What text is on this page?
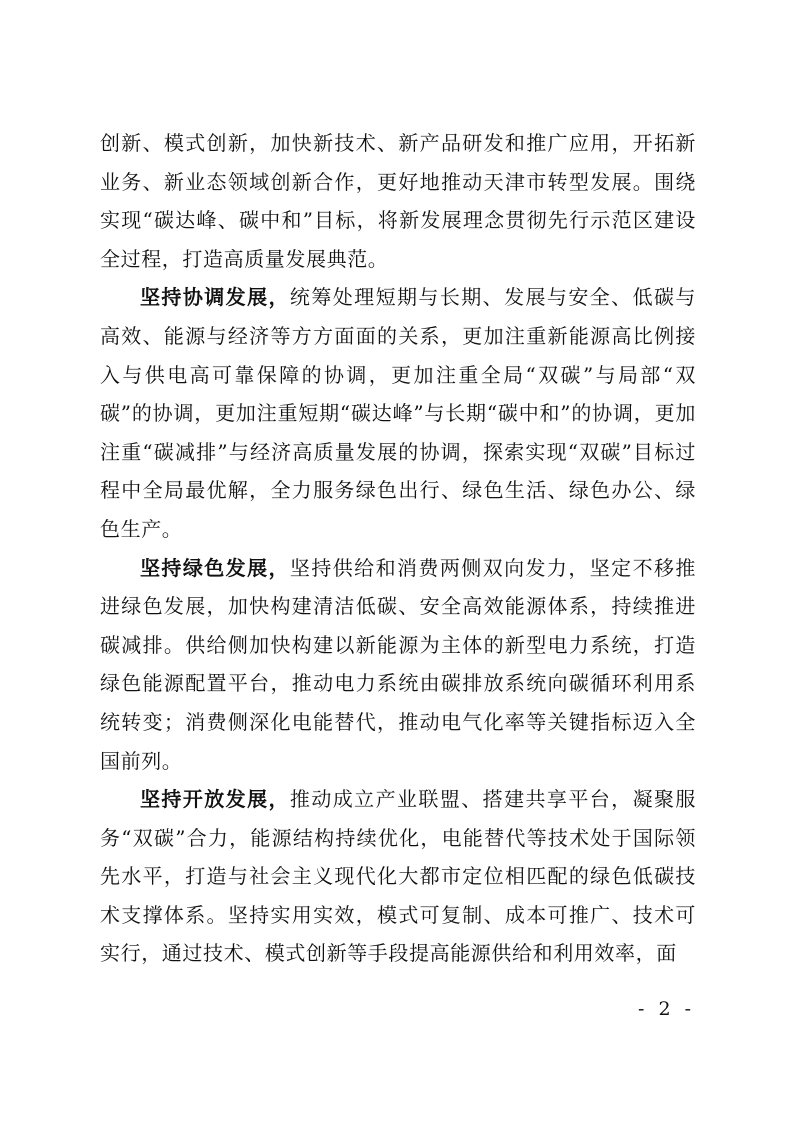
创新、模式创新，加快新技术、新产品研发和推广应用，开拓新业务、新业态领域创新合作，更好地推动天津市转型发展。围绕实现“碳达峰、碳中和”目标，将新发展理念贯彻先行示范区建设全过程，打造高质量发展典范。

坚持协调发展，统筹处理短期与长期、发展与安全、低碳与高效、能源与经济等方方面面的关系，更加注重新能源高比例接入与供电高可靠保障的协调，更加注重全局“双碳”与局部“双碳”的协调，更加注重短期“碳达峰”与长期“碳中和”的协调，更加注重“碳减排”与经济高质量发展的协调，探索实现“双碳”目标过程中全局最优解，全力服务绿色出行、绿色生活、绿色办公、绿色生产。

坚持绿色发展，坚持供给和消费两侧双向发力，坚定不移推进绿色发展，加快构建清洁低碳、安全高效能源体系，持续推进碳减排。供给侧加快构建以新能源为主体的新型电力系统，打造绿色能源配置平台，推动电力系统由碳排放系统向碳循环利用系统转变；消费侧深化电能替代，推动电气化率等关键指标迈入全国前列。

坚持开放发展，推动成立产业联盟、搭建共享平台，凝聚服务“双碳”合力，能源结构持续优化，电能替代等技术处于国际领先水平，打造与社会主义现代化大都市定位相匹配的绿色低碳技术支撑体系。坚持实用实效，模式可复制、成本可推广、技术可实行，通过技术、模式创新等手段提高能源供给和利用效率，面

- 2 -
